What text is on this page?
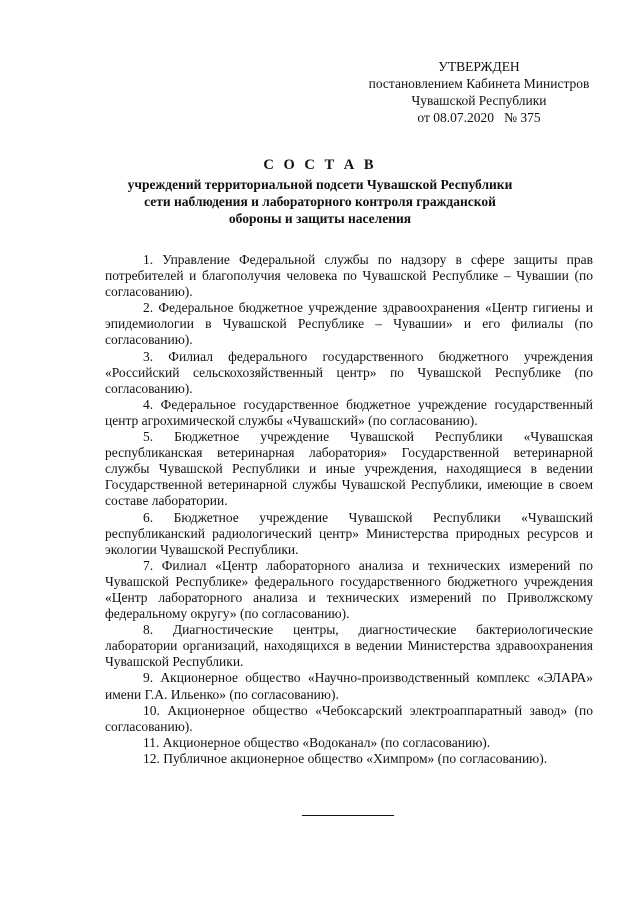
УТВЕРЖДЕН
постановлением Кабинета Министров
Чувашской Республики
от 08.07.2020   № 375
С О С Т А В
учреждений территориальной подсети Чувашской Республики
сети наблюдения и лабораторного контроля гражданской
обороны и защиты населения

1. Управление Федеральной службы по надзору в сфере защиты прав потребителей и благополучия человека по Чувашской Республике – Чувашии (по согласованию).

2. Федеральное бюджетное учреждение здравоохранения «Центр гигиены и эпидемиологии в Чувашской Республике – Чувашии» и его филиалы (по согласованию).

3. Филиал федерального государственного бюджетного учреждения «Российский сельскохозяйственный центр» по Чувашской Республике (по согласованию).

4. Федеральное государственное бюджетное учреждение государственный центр агрохимической службы «Чувашский» (по согласованию).

5. Бюджетное учреждение Чувашской Республики «Чувашская республиканская ветеринарная лаборатория» Государственной ветеринарной службы Чувашской Республики и иные учреждения, находящиеся в ведении Государственной ветеринарной службы Чувашской Республики, имеющие в своем составе лаборатории.

6. Бюджетное учреждение Чувашской Республики «Чувашский республиканский радиологический центр» Министерства природных ресурсов и экологии Чувашской Республики.

7. Филиал «Центр лабораторного анализа и технических измерений по Чувашской Республике» федерального государственного бюджетного учреждения «Центр лабораторного анализа и технических измерений по Приволжскому федеральному округу» (по согласованию).

8. Диагностические центры, диагностические бактериологические лаборатории организаций, находящихся в ведении Министерства здравоохранения Чувашской Республики.

9. Акционерное общество «Научно-производственный комплекс «ЭЛАРА» имени Г.А. Ильенко» (по согласованию).

10. Акционерное общество «Чебоксарский электроаппаратный завод» (по согласованию).

11. Акционерное общество «Водоканал» (по согласованию).

12. Публичное акционерное общество «Химпром» (по согласованию).
